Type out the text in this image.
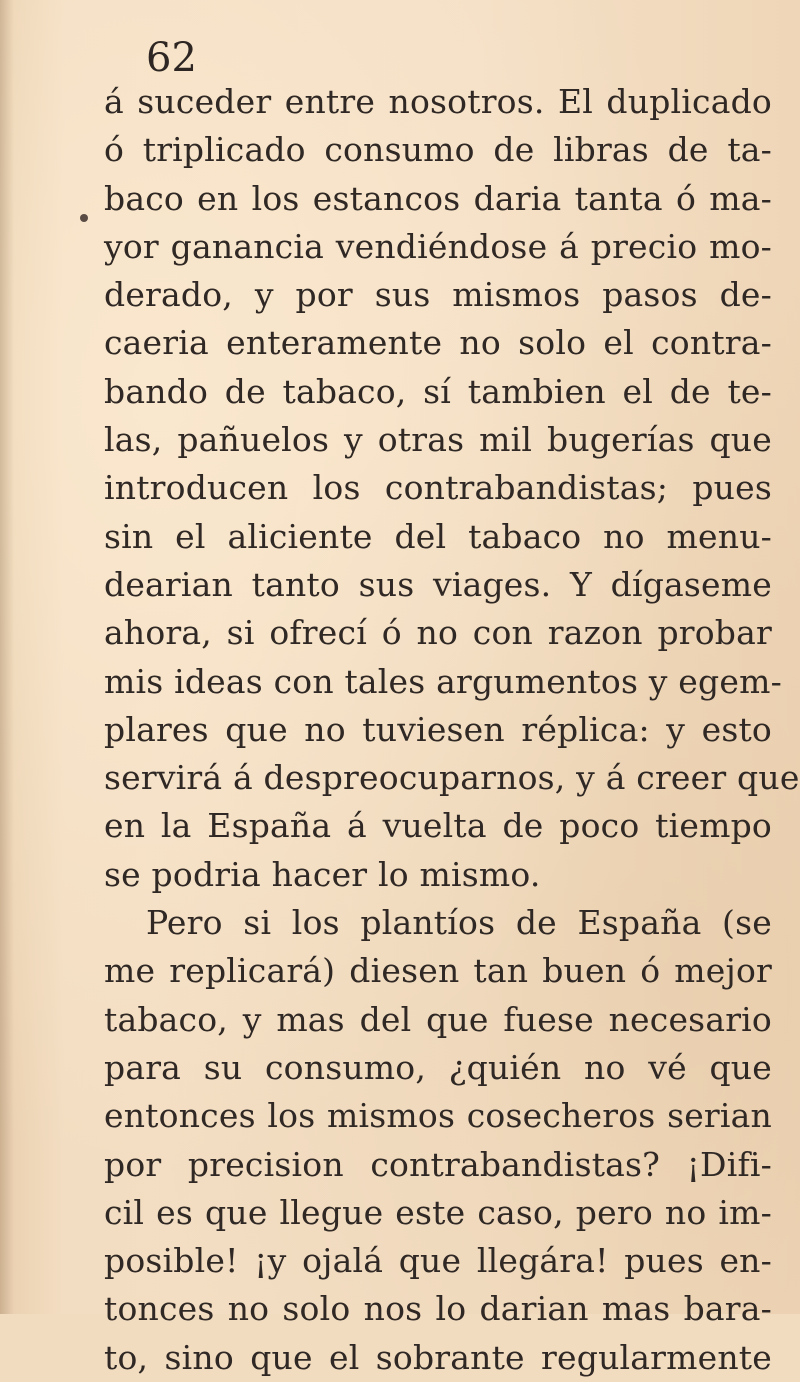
62
á suceder entre nosotros. El duplicado
ó triplicado consumo de libras de ta-
baco en los estancos daria tanta ó ma-
yor ganancia vendiéndose á precio mo-
derado, y por sus mismos pasos de-
caeria enteramente no solo el contra-
bando de tabaco, sí tambien el de te-
las, pañuelos y otras mil bugerías que
introducen los contrabandistas; pues
sin el aliciente del tabaco no menu-
dearian tanto sus viages. Y dígaseme
ahora, si ofrecí ó no con razon probar
mis ideas con tales argumentos y egem-
plares que no tuviesen réplica: y esto
servirá á despreocuparnos, y á creer que
en la España á vuelta de poco tiempo
se podria hacer lo mismo.
Pero si los plantíos de España (se
me replicará) diesen tan buen ó mejor
tabaco, y mas del que fuese necesario
para su consumo, ¿quién no vé que
entonces los mismos cosecheros serian
por precision contrabandistas? ¡Difi-
cil es que llegue este caso, pero no im-
posible! ¡y ojalá que llegára! pues en-
tonces no solo nos lo darian mas bara-
to, sino que el sobrante regularmente
